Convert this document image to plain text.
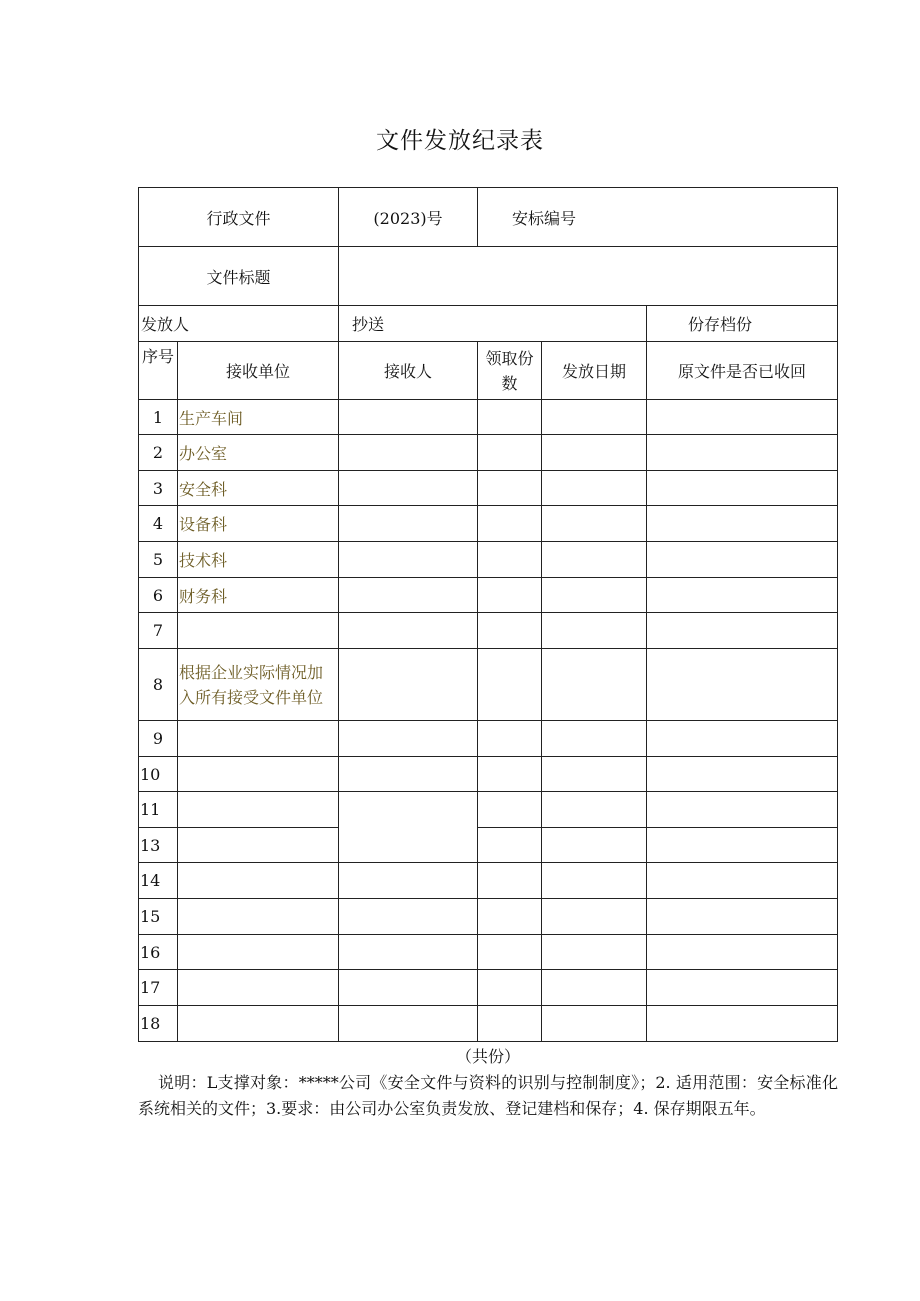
文件发放纪录表
行政文件		(2023)号	安标编号		
文件标题					
发放人		抄送			份存档份
序号	接收单位	接收人	领取份数	发放日期	原文件是否已收回
1	生产车间				
2	办公室				
3	安全科				
4	设备科				
5	技术科				
6	财务科				
7					
8	根据企业实际情况加入所有接受文件单位				
9					
10					
11					
13					
14					
15					
16					
17					
18					
（共份）

说明：L支撑对象：*****公司《安全文件与资料的识别与控制制度》；2. 适用范围：安全标准化系统相关的文件；3.要求：由公司办公室负责发放、登记建档和保存；4. 保存期限五年。
